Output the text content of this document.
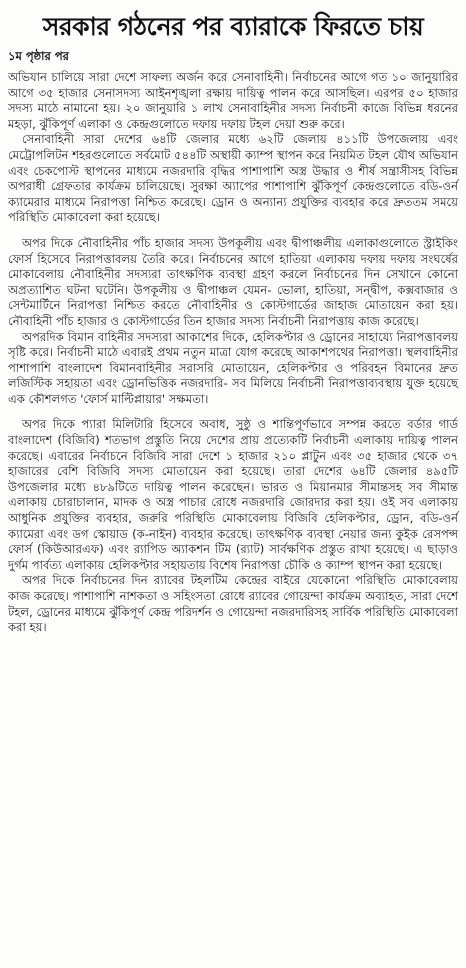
সরকার গঠনের পর ব্যারাকে ফিরতে চায়
১ম পৃষ্ঠার পর

অভিযান চালিয়ে সারা দেশে সাফল্য অর্জন করে সেনাবাহিনী। নির্বাচনের আগে গত ১০ জানুয়ারির আগে ৩৫ হাজার সেনাসদস্য আইনশৃঙ্খলা রক্ষায় দায়িত্ব পালন করে আসছিল। এরপর ৫০ হাজার সদস্য মাঠে নামানো হয়। ২০ জানুয়ারি ১ লাখ সেনাবাহিনীর সদস্য নির্বাচনী কাজে বিভিন্ন ধরনের মহড়া, ঝুঁকিপূর্ণ এলাকা ও কেন্দ্রগুলোতে দফায় দফায় টহল দেয়া শুরু করে।

সেনাবাহিনী সারা দেশের ৬৪টি জেলার মধ্যে ৬২টি জেলায় ৪১১টি উপজেলায় এবং মেট্রোপলিটন শহরগুলোতে সর্বমোট ৫৪৪টি অস্থায়ী ক্যাম্প স্থাপন করে নিয়মিত টহল যৌথ অভিযান এবং চেকপোস্ট স্থাপনের মাধ্যমে নজরদারি বৃদ্ধির পাশাপাশি অস্ত্র উদ্ধার ও শীর্ষ সন্ত্রাসীসহ বিভিন্ন অপরাধী গ্রেফতার কার্যক্রম চালিয়েছে। সুরক্ষা অ্যাপের পাশাপাশি ঝুঁকিপূর্ণ কেন্দ্রগুলোতে বডি-ওর্ন ক্যামেরার মাধ্যমে নিরাপত্তা নিশ্চিত করেছে। ড্রোন ও অন্যান্য প্রযুক্তির ব্যবহার করে দ্রুততম সময়ে পরিস্থিতি মোকাবেলা করা হয়েছে।

অপর দিকে নৌবাহিনীর পাঁচ হাজার সদস্য উপকূলীয় এবং দ্বীপাঞ্চলীয় এলাকাগুলোতে স্ট্রাইকিং ফোর্স হিসেবে নিরাপত্তাবলয় তৈরি করে। নির্বাচনের আগে হাতিয়া এলাকায় দফায় দফায় সংঘর্ষের মোকাবেলায় নৌবাহিনীর সদস্যরা তাৎক্ষণিক ব্যবস্থা গ্রহণ করলে নির্বাচনের দিন সেখানে কোনো অপ্রত্যাশিত ঘটনা ঘটেনি। উপকূলীয় ও দ্বীপাঞ্চল যেমন- ভোলা, হাতিয়া, সন্দ্বীপ, কক্সবাজার ও সেন্টমার্টিনে নিরাপত্তা নিশ্চিত করতে নৌবাহিনীর ও কোস্টগার্ডের জাহাজ মোতায়েন করা হয়। নৌবাহিনী পাঁচ হাজার ও কোস্টগার্ডের তিন হাজার সদস্য নির্বাচনী নিরাপত্তায় কাজ করেছে।

অপরদিক বিমান বাহিনীর সদস্যরা আকাশের দিকে, হেলিকপ্টার ও ড্রোনের সাহায্যে নিরাপত্তাবলয় সৃষ্টি করে। নির্বাচনী মাঠে এবারই প্রথম নতুন মাত্রা যোগ করেছে আকাশপথের নিরাপত্তা। স্থলবাহিনীর পাশাপাশি বাংলাদেশ বিমানবাহিনীর সরাসরি মোতায়েন, হেলিকপ্টার ও পরিবহন বিমানের দ্রুত লজিস্টিক সহায়তা এবং ড্রোনভিত্তিক নজরদারি- সব মিলিয়ে নির্বাচনী নিরাপত্তাব্যবস্থায় যুক্ত হয়েছে এক কৌশলগত 'ফোর্স মাল্টিপ্লায়ার' সক্ষমতা।

অপর দিকে প্যারা মিলিটারি হিসেবে অবাধ, সুষ্ঠু ও শান্তিপূর্ণভাবে সম্পন্ন করতে বর্ডার গার্ড বাংলাদেশ (বিজিবি) শতভাগ প্রস্তুতি নিয়ে দেশের প্রায় প্রত্যেকটি নির্বাচনী এলাকায় দায়িত্ব পালন করেছে। এবারের নির্বাচনে বিজিবি সারা দেশে ১ হাজার ২১০ প্লাটুন এবং ৩৫ হাজার থেকে ৩৭ হাজারের বেশি বিজিবি সদস্য মোতায়েন করা হয়েছে। তারা দেশের ৬৪টি জেলার ৪৯৫টি উপজেলার মধ্যে ৪৮৯টিতে দায়িত্ব পালন করেছেন। ভারত ও মিয়ানমার সীমান্তসহ সব সীমান্ত এলাকায় চোরাচালান, মাদক ও অস্ত্র পাচার রোধে নজরদারি জোরদার করা হয়। ওই সব এলাকায় আধুনিক প্রযুক্তির ব্যবহার, জরুরি পরিস্থিতি মোকাবেলায় বিজিবি হেলিকপ্টার, ড্রোন, বডি-ওর্ন ক্যামেরা এবং ডগ স্কোয়াড (ক-নাইন) ব্যবহার করেছে। তাৎক্ষণিক ব্যবস্থা নেয়ার জন্য কুইক রেসপন্স ফোর্স (কিউআরএফ) এবং র‌্যাপিড অ্যাকশন টিম (র‌্যাট) সার্বক্ষণিক প্রস্তুত রাখা হয়েছে। এ ছাড়াও দুর্গম পার্বত্য এলাকায় হেলিকপ্টার সহায়তায় বিশেষ নিরাপত্তা চৌকি ও ক্যাম্প স্থাপন করা হয়েছে।

অপর দিকে নির্বাচনের দিন র‌্যাবের টহলটিম কেন্দ্রের বাইরে যেকোনো পরিস্থিতি মোকাবেলায় কাজ করেছে। পাশাপাশি নাশকতা ও সহিংসতা রোধে র‌্যাবের গোয়েন্দা কার্যক্রম অব্যাহত, সারা দেশে টহল, ড্রোনের মাধ্যমে ঝুঁকিপূর্ণ কেন্দ্র পরিদর্শন ও গোয়েন্দা নজরদারিসহ সার্বিক পরিস্থিতি মোকাবেলা করা হয়।
